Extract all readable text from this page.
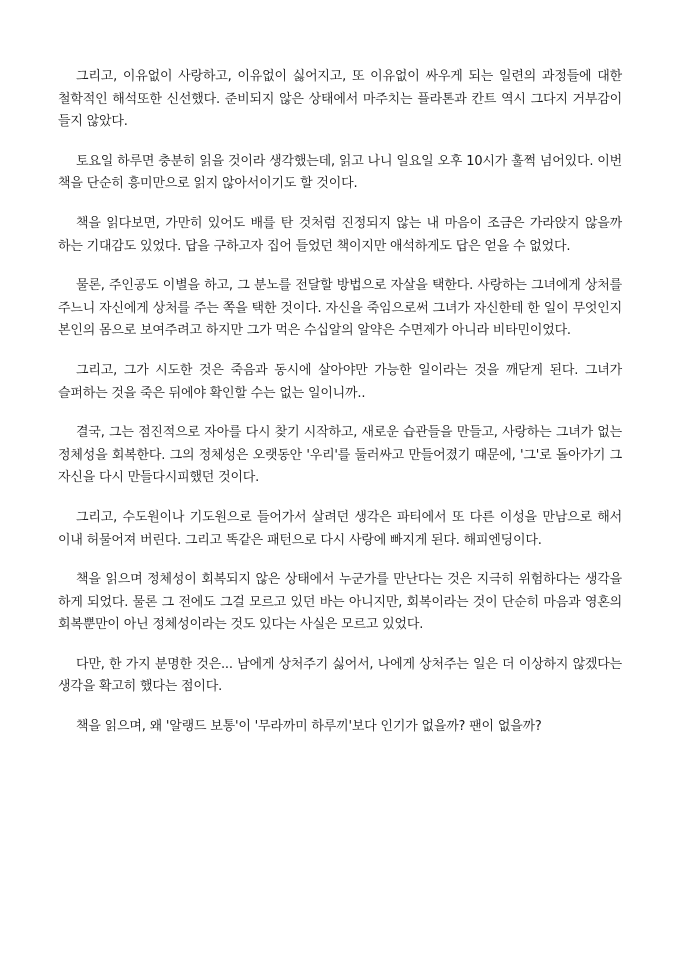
그리고, 이유없이 사랑하고, 이유없이 싫어지고, 또 이유없이 싸우게 되는 일련의 과정들에 대한 철학적인 해석또한 신선했다. 준비되지 않은 상태에서 마주치는 플라톤과 칸트 역시 그다지 거부감이 들지 않았다.

토요일 하루면 충분히 읽을 것이라 생각했는데, 읽고 나니 일요일 오후 10시가 훌쩍 넘어있다. 이번 책을 단순히 흥미만으로 읽지 않아서이기도 할 것이다.

책을 읽다보면, 가만히 있어도 배를 탄 것처럼 진정되지 않는 내 마음이 조금은 가라앉지 않을까 하는 기대감도 있었다. 답을 구하고자 집어 들었던 책이지만 애석하게도 답은 얻을 수 없었다.

물론, 주인공도 이별을 하고, 그 분노를 전달할 방법으로 자살을 택한다. 사랑하는 그녀에게 상처를 주느니 자신에게 상처를 주는 쪽을 택한 것이다. 자신을 죽임으로써 그녀가 자신한테 한 일이 무엇인지 본인의 몸으로 보여주려고 하지만 그가 먹은 수십알의 알약은 수면제가 아니라 비타민이었다.

그리고, 그가 시도한 것은 죽음과 동시에 살아야만 가능한 일이라는 것을 깨닫게 된다. 그녀가 슬퍼하는 것을 죽은 뒤에야 확인할 수는 없는 일이니까..

결국, 그는 점진적으로 자아를 다시 찾기 시작하고, 새로운 습관들을 만들고, 사랑하는 그녀가 없는 정체성을 회복한다. 그의 정체성은 오랫동안 '우리'를 둘러싸고 만들어졌기 때문에, '그'로 돌아가기 그 자신을 다시 만들다시피했던 것이다.

그리고, 수도원이나 기도원으로 들어가서 살려던 생각은 파티에서 또 다른 이성을 만남으로 해서 이내 허물어져 버린다. 그리고 똑같은 패턴으로 다시 사랑에 빠지게 된다. 해피엔딩이다.

책을 읽으며 정체성이 회복되지 않은 상태에서 누군가를 만난다는 것은 지극히 위험하다는 생각을 하게 되었다. 물론 그 전에도 그걸 모르고 있던 바는 아니지만, 회복이라는 것이 단순히 마음과 영혼의 회복뿐만이 아닌 정체성이라는 것도 있다는 사실은 모르고 있었다.

다만, 한 가지 분명한 것은... 남에게 상처주기 싫어서, 나에게 상처주는 일은 더 이상하지 않겠다는 생각을 확고히 했다는 점이다.

책을 읽으며, 왜 '알랭드 보통'이 '무라까미 하루끼'보다 인기가 없을까? 팬이 없을까?
